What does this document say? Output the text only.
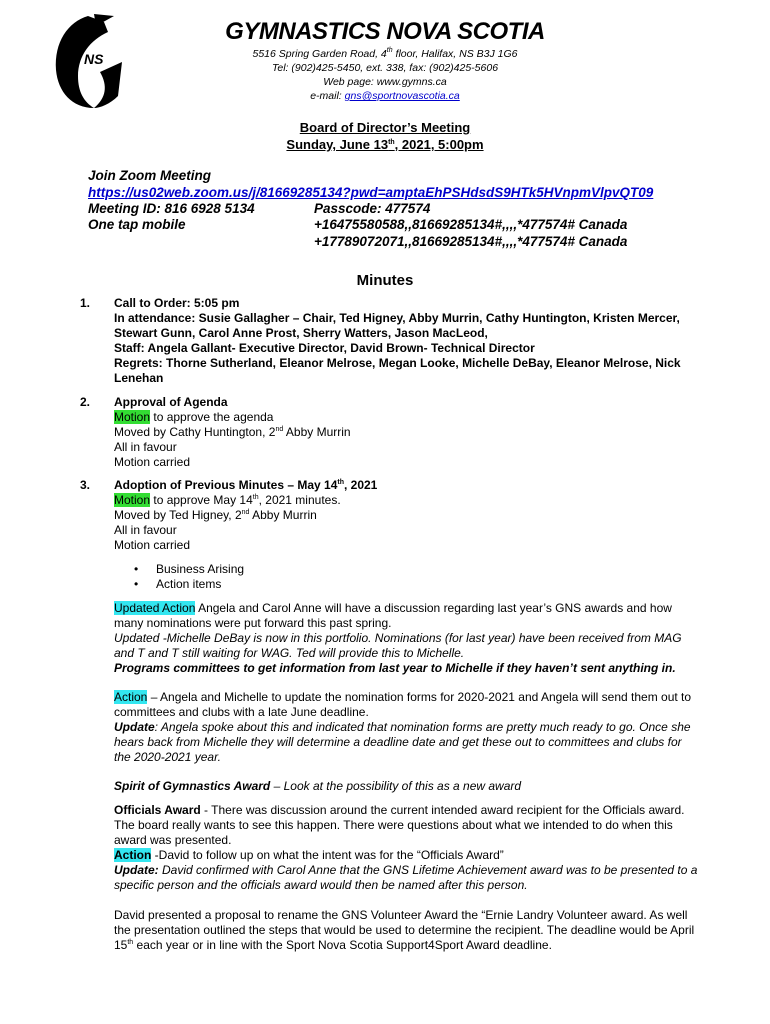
NS
GYMNASTICS NOVA SCOTIA
5516 Spring Garden Road, 4th floor, Halifax, NS B3J 1G6
Tel: (902)425-5450, ext. 338, fax: (902)425-5606
Web page: www.gymns.ca
e-mail: gns@sportnovascotia.ca
Board of Director’s Meeting
Sunday, June 13th, 2021, 5:00pm
Join Zoom Meeting
https://us02web.zoom.us/j/81669285134?pwd=amptaEhPSHdsdS9HTk5HVnpmVlpvQT09
Meeting ID: 816 6928 5134	Passcode: 477574
One tap mobile	+16475580588,,81669285134#,,,,*477574# Canada
+17789072071,,81669285134#,,,,*477574# Canada
Minutes
1. Call to Order: 5:05 pm
In attendance: Susie Gallagher – Chair, Ted Higney, Abby Murrin, Cathy Huntington, Kristen Mercer,
Stewart Gunn, Carol Anne Prost, Sherry Watters, Jason MacLeod,
Staff: Angela Gallant- Executive Director, David Brown- Technical Director
Regrets: Thorne Sutherland, Eleanor Melrose, Megan Looke, Michelle DeBay, Eleanor Melrose, Nick
Lenehan
2. Approval of Agenda
Motion to approve the agenda
Moved by Cathy Huntington, 2nd Abby Murrin
All in favour
Motion carried
3. Adoption of Previous Minutes – May 14th, 2021
Motion to approve May 14th, 2021 minutes.
Moved by Ted Higney, 2nd Abby Murrin
All in favour
Motion carried
• Business Arising
• Action items
Updated Action Angela and Carol Anne will have a discussion regarding last year’s GNS awards and how
many nominations were put forward this past spring.
Updated -Michelle DeBay is now in this portfolio. Nominations (for last year) have been received from MAG
and T and T still waiting for WAG. Ted will provide this to Michelle.
Programs committees to get information from last year to Michelle if they haven’t sent anything in.
Action – Angela and Michelle to update the nomination forms for 2020-2021 and Angela will send them out to
committees and clubs with a late June deadline.
Update: Angela spoke about this and indicated that nomination forms are pretty much ready to go. Once she
hears back from Michelle they will determine a deadline date and get these out to committees and clubs for
the 2020-2021 year.
Spirit of Gymnastics Award – Look at the possibility of this as a new award
Officials Award - There was discussion around the current intended award recipient for the Officials award.
The board really wants to see this happen. There were questions about what we intended to do when this
award was presented.
Action -David to follow up on what the intent was for the “Officials Award”
Update: David confirmed with Carol Anne that the GNS Lifetime Achievement award was to be presented to a
specific person and the officials award would then be named after this person.
David presented a proposal to rename the GNS Volunteer Award the “Ernie Landry Volunteer award. As well
the presentation outlined the steps that would be used to determine the recipient. The deadline would be April
15th each year or in line with the Sport Nova Scotia Support4Sport Award deadline.
